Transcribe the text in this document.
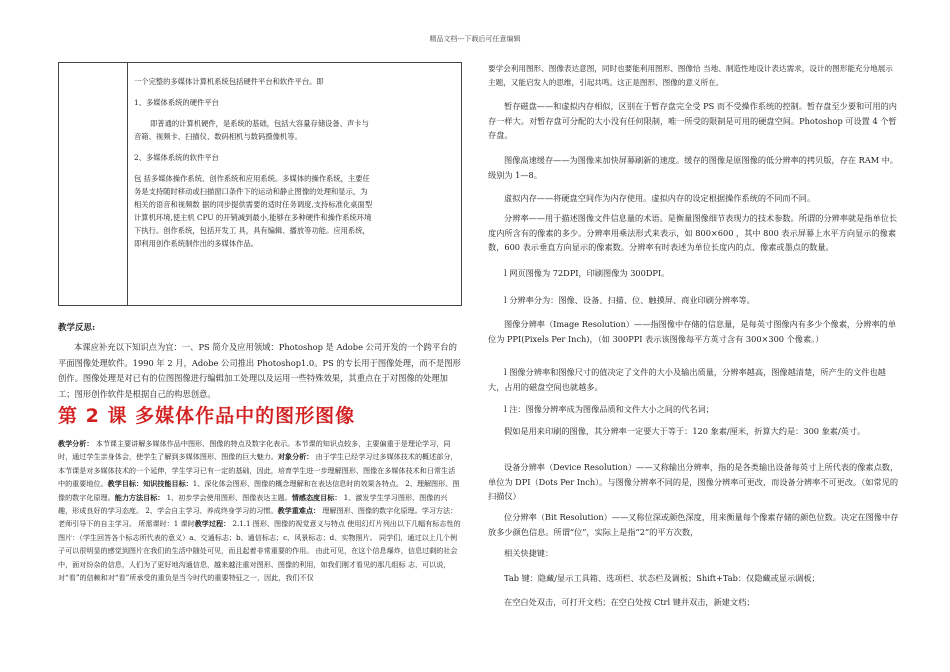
精品文档---下载后可任意编辑

一个完整的多媒体计算机系统包括硬件平台和软件平台。即

1、多媒体系统的硬件平台

即普通的计算机硬件，是系统的基础，包括大容量存储设备、声卡与音箱、视频卡、扫描仪、数码相机与数码摄像机等。

2、多媒体系统的软件平台

包 括多媒体操作系统、创作系统和应用系统。多媒体的操作系统，主要任务是支持随时移动或扫描窗口条件下的运动和静止图像的处理和显示，为相关的语音和视频数 据的同步提供需要的适时任务调度,支持标准化桌面型计算机环境,使主机 CPU 的开销减到最小,能够在多种硬件和操作系统环境下执行。创作系统，包括开发工 具，具有编辑、播放等功能。应用系统，即利用创作系统制作出的多媒体作品。

教学反思:
本课应补充以下知识点为宜：一、PS 简介及应用领域：Photoshop 是 Adobe 公司开发的一个跨平台的平面图像处理软件。1990 年 2 月，Adobe 公司推出 Photoshop1.0。PS 的专长用于图像处理，而不是图形创作。图像处理是对已有的位图图像进行编辑加工处理以及运用一些特殊效果，其重点在于对图像的处理加工；图形创作软件是根据自己的构思创意。
第 2 课 多媒体作品中的图形图像
教学分析： 本节课主要讲解多媒体作品中图形、图像的特点及数字化表示。本节课的知识点较多，主要偏重于是理论学习，同时，通过学生亲身体会，使学生了解到多媒体图形、图像的巨大魅力。对象分析： 由于学生已经学习过多媒体技术的概述部分，本节课是对多媒体技术的一个延伸，学生学习已有一定的基础，因此，培育学生进一步理解图形、图像在多媒体技术和日常生活中的重要地位。教学目标：知识技能目标：1、深化体会图形、图像的概念理解和在表达信息时的效果各特点。 2、理解图形、图像的数字化原理。能力方法目标： 1、初步学会使用图形、图像表达主题。情感态度目标： 1、激发学生学习图形、图像的兴趣，形成良好的学习态度。 2、学会自主学习、养成终身学习的习惯。教学重难点： 理解图形、图像的数字化原理。学习方法：老师引导下的自主学习。 所需课时：1 课时教学过程： 2.1.1 图形、图像的视觉意义与特点 使用幻灯片列出以下几幅有标志性的图片：（学生回答各个标志所代表的意义）a、交通标志；b、通信标志；c、风景标志；d、实物照片。 同学们，通过以上几个例子可以很明显的感觉到图片在我们的生活中随处可见，而且起着非常重要的作用。 由此可见，在这个信息爆炸，信息过剩的社会中，面对纷杂的信息，人们为了更好地沟通信息，越来越注重对图形、图像的利用，如我们刚才看见的那几组标 志，可以说，对“看”的信赖和对“看”所承受的重负是当今时代的重要特征之一，因此，我们不仅
要学会利用图形、图像表达意图，同时也要能利用图形、图像恰 当地、制造性地设计表达需求，设计的图形能充分地展示主题，又能启发人的思维，引起共鸣。这正是图形、图像的意义所在。
暂存磁盘——和虚拟内存相似，区别在于暂存盘完全受 PS 而不受操作系统的控制。暂存盘至少要和可用的内存一样大。对暂存盘可分配的大小没有任何限制，唯一所受的限制是可用的硬盘空间。Photoshop 可设置 4 个暂存盘。
图像高速缓存——为图像来加快屏幕刷新的速度。缓存的图像是原图像的低分辨率的拷贝版，存在 RAM 中。级别为 1—8。
虚拟内存——将硬盘空间作为内存使用。虚拟内存的设定根据操作系统的不同而不同。
分辨率——用于描述图像文件信息量的术语。是衡量图像细节表现力的技术参数。所谓的分辨率就是指单位长度内所含有的像素的多少。分辨率用乘法形式来表示，如 800×600 ，其中 800 表示屏幕上水平方向显示的像素数，600 表示垂直方向显示的像素数。分辨率有时表述为单位长度内的点、像素或墨点的数量。
l 网页图像为 72DPI，印刷图像为 300DPI。
l 分辨率分为：图像、设备、扫描、位、触摸屏、商业印刷分辨率等。
图像分辨率（Image Resolution）——指图像中存储的信息量，是每英寸图像内有多少个像素，分辨率的单位为 PPI(Pixels Per Inch)，（如 300PPI 表示该图像每平方英寸含有 300×300 个像素。）
l 图像分辨率和图像尺寸的值决定了文件的大小及输出质量，分辨率越高，图像越清楚，所产生的文件也越大，占用的磁盘空间也就越多。
l 注：图像分辨率成为图像品质和文件大小之间的代名词；
假如是用来印刷的图像，其分辨率一定要大于等于：120 象素/厘米，折算大约是：300 象素/英寸。
设备分辨率（Device Resolution）——又称输出分辨率，指的是各类输出设备每英寸上所代表的像素点数，单位为 DPI（Dots Per Inch）。与图像分辨率不同的是，图像分辨率可更改，而设备分辨率不可更改。（如常见的扫描仪）
位分辨率（Bit Resolution）——又称位深或颜色深度，用来衡量每个像素存储的颜色位数。决定在图像中存放多少颜色信息。所谓“位”，实际上是指“2”的平方次数，
相关快捷键：
Tab 键：隐藏/显示工具箱、选项栏、状态栏及调板；Shift+Tab：仅隐藏或显示调板；
在空白处双击，可打开文档；在空白处按 Ctrl 键并双击，新建文档；
